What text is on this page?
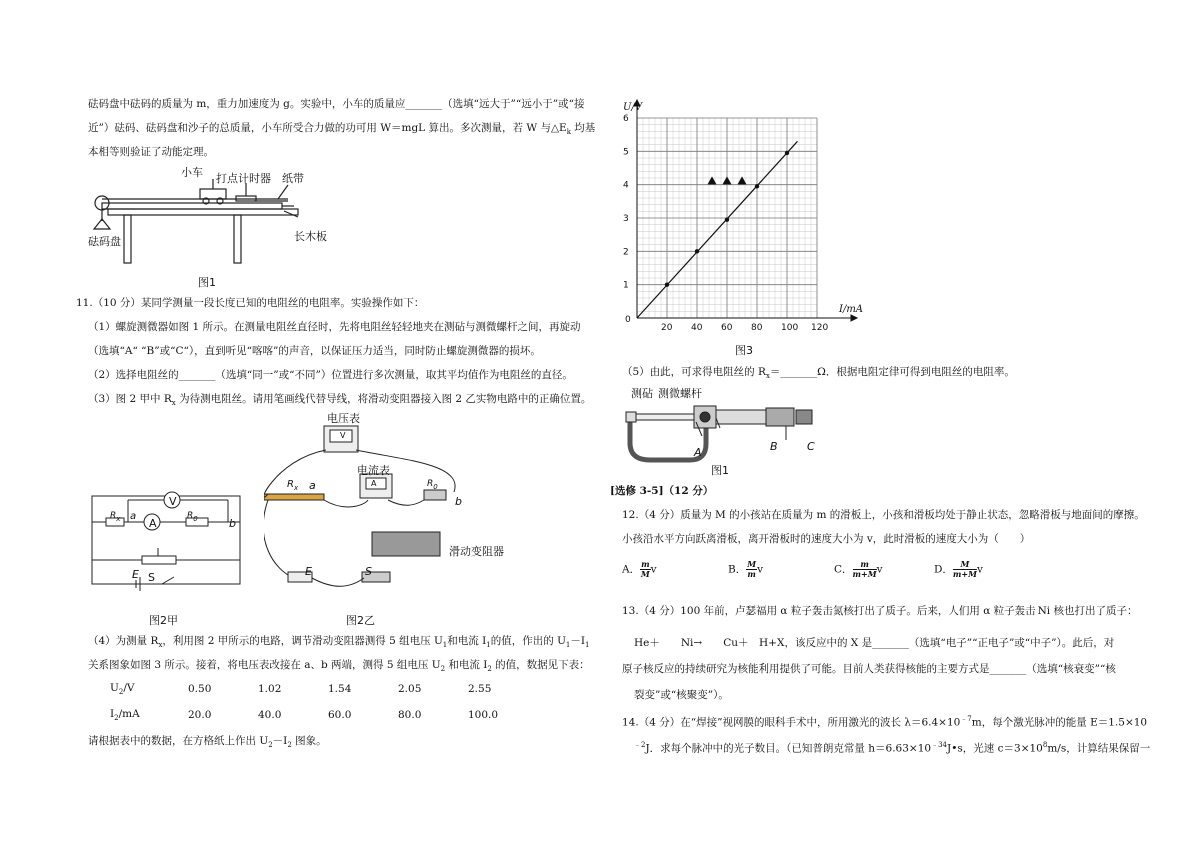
砝码盘中砝码的质量为 m，重力加速度为 g。实验中，小车的质量应_______（选填“远大于”“远小于”或“接
近”）砝码、砝码盘和沙子的总质量，小车所受合力做的功可用 W＝mgL 算出。多次测量，若 W 与$\triangle E_k$ 均基
本相等则验证了动能定理。
小车 打点计时器 纸带
砝码盘	长木板
图1
11.（10 分）某同学测量一段长度已知的电阻丝的电阻率。实验操作如下：
（1）螺旋测微器如图 1 所示。在测量电阻丝直径时，先将电阻丝轻轻地夹在测砧与测微螺杆之间，再旋动
（选填“A“ “B”或“C“），直到听见“喀喀”的声音，以保证压力适当，同时防止螺旋测微器的损坏。
（2）选择电阻丝的_______（选填“同一”或“不同”）位置进行多次测量，取其平均值作为电阻丝的直径。
（3）图 2 甲中 $R_x$ 为待测电阻丝。请用笔画线代替导线，将滑动变阻器接入图 2 乙实物电路中的正确位置。
V
A
$R_x$ a	$R_0$	b
E S
图2甲
电压表
V
电流表
A
$R_x$ a	$R_0$
b
滑动变阻器
E	S
图2乙
（4）为测量 $R_x$，利用图 2 甲所示的电路，调节滑动变阻器测得 5 组电压 $U_1$和电流 $I_1$的值，作出的 $U_1-I_1$
关系图象如图 3 所示。接着，将电压表改接在 a、b 两端，测得 5 组电压 $U_2$ 和电流 $I_2$ 的值，数据见下表：
$U_2/V$	0.50	1.02	1.54	2.05	2.55
$I_2/mA$	20.0	40.0	60.0	80.0	100.0
请根据表中的数据，在方格纸上作出 $U_2-I_2$ 图象。
20 40 60 80 100 120
1
2
3
4
5
6
I/mA
U/V
0
图3
（5）由此，可求得电阻丝的 $R_x=\_\_\_\_\_\_\_\Omega$．根据电阻定律可得到电阻丝的电阻率。
测砧 测微螺杆
A	B	C
图1
[选修 3-5]（12 分）
12.（4 分）质量为 M 的小孩站在质量为 m 的滑板上，小孩和滑板均处于静止状态，忽略滑板与地面间的摩擦。
小孩沿水平方向跃离滑板，离开滑板时的速度大小为 v，此时滑板的速度大小为（　　）
A． $\frac{m}{M}$ v	B． $\frac{M}{m}$ v	C． $\frac{m}{m+M}$ v	D． $\frac{M}{m+M}$ v
13.（4 分）100 年前，卢瑟福用 α 粒子轰击氮核打出了质子。后来，人们用 α 粒子轰击 Ni 核也打出了质子：
He＋　　Ni→　　Cu＋　H+X，该反应中的 X 是_______（选填“电子”“正电子”或“中子”）。此后，对
原子核反应的持续研究为核能利用提供了可能。目前人类获得核能的主要方式是_______（选填“核衰变”“核
裂变”或“核聚变”）。
14.（4 分）在“焊接”视网膜的眼科手术中，所用激光的波长 $\lambda=6.4\times 10^{﹣7}m$，每个激光脉冲的能量 E＝1.5×10
$^{﹣2}$J．求每个脉冲中的光子数目。（已知普朗克常量 $h=6.63\times 10^{﹣34}J•s$，光速 $c=3\times 10^8m/s$，计算结果保留一
